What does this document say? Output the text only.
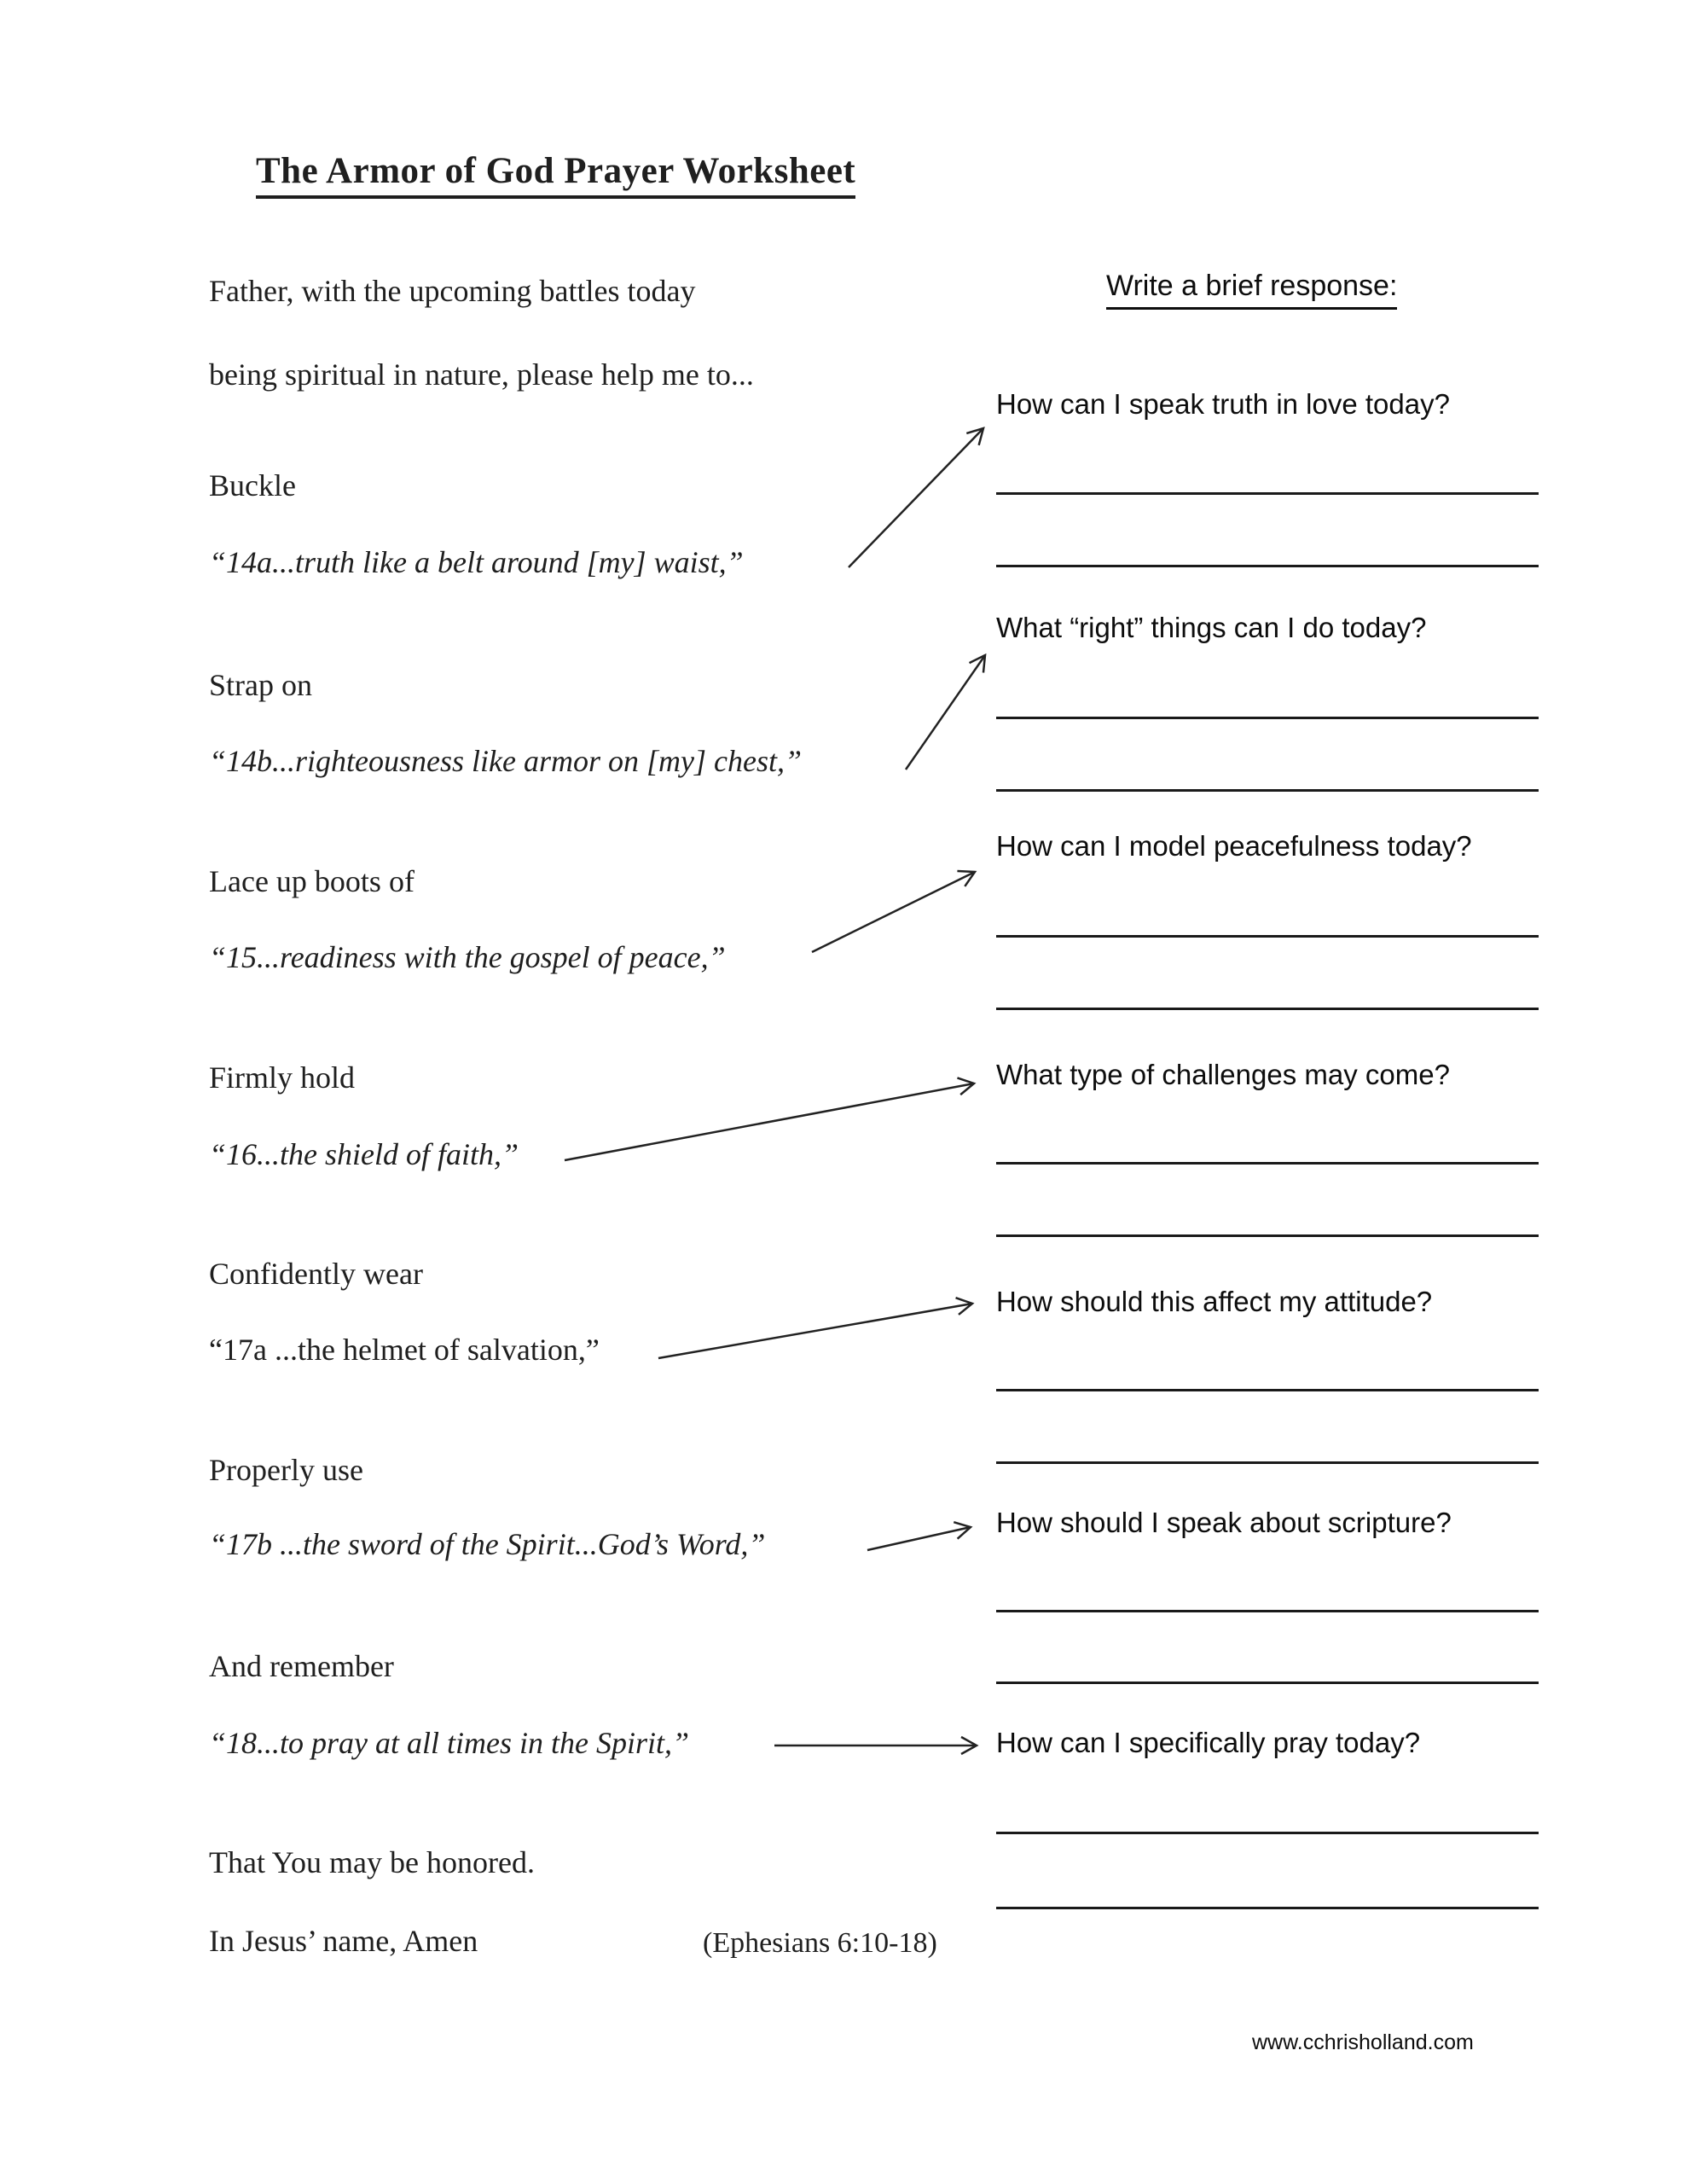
The Armor of God Prayer Worksheet
Father, with the upcoming battles today
being spiritual in nature, please help me to...
Write a brief response:
Buckle
“14a...truth like a belt around [my] waist,”
Strap on
“14b...righteousness like armor on [my] chest,”
Lace up boots of
“15...readiness with the gospel of peace,”
Firmly hold
“16...the shield of faith,”
Confidently wear
“17a ...the helmet of salvation,”
Properly use
“17b ...the sword of the Spirit...God’s Word,”
And remember
“18...to pray at all times in the Spirit,”
That You may be honored.
In Jesus’ name, Amen	(Ephesians 6:10-18)
How can I speak truth in love today?
What “right” things can I do today?
How can I model peacefulness today?
What type of challenges may come?
How should this affect my attitude?
How should I speak about scripture?
How can I specifically pray today?
www.cchrisholland.com
